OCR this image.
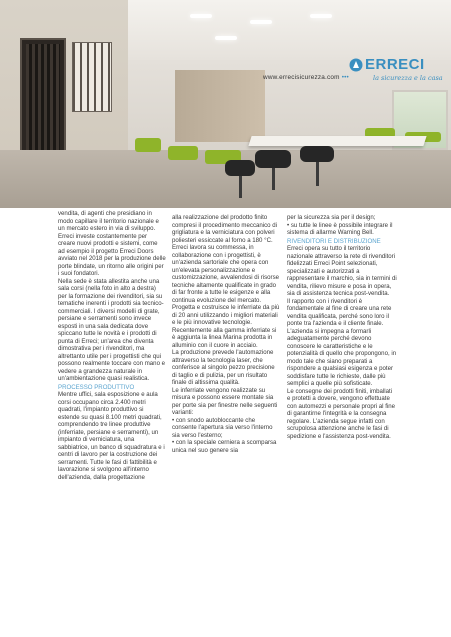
ERRECI
la sicurezza e la casa
www.errecisicurezza.com •••

vendita, di agenti che presidiano in modo capillare il territorio nazionale e un mercato estero in via di sviluppo. Erreci investe costantemente per creare nuovi prodotti e sistemi, come ad esempio il progetto Erreci Doors avviato nel 2018 per la produzione delle porte blindate, un ritorno alle origini per i suoi fondatori.

Nella sede è stata allestita anche una sala corsi (nella foto in alto a destra) per la formazione dei rivenditori, sia su tematiche inerenti i prodotti sia tecnico-commerciali. I diversi modelli di grate, persiane e serramenti sono invece esposti in una sala dedicata dove spiccano tutte le novità e i prodotti di punta di Erreci; un'area che diventa dimostrativa per i rivenditori, ma altrettanto utile per i progettisti che qui possono realmente toccare con mano e vedere a grandezza naturale in un'ambientazione quasi realistica.

PROCESSO PRODUTTIVO

Mentre uffici, sala esposizione e aula corsi occupano circa 2.400 metri quadrati, l'impianto produttivo si estende su quasi 8.100 metri quadrati, comprendendo tre linee produttive (inferriate, persiane e serramenti), un impianto di verniciatura, una sabbiatrice, un banco di squadratura e i centri di lavoro per la costruzione dei serramenti. Tutte le fasi di fattibilità e lavorazione si svolgono all'interno dell'azienda, dalla progettazione

alla realizzazione del prodotto finito compresi il procedimento meccanico di grigliatura e la verniciatura con polveri poliesteri essiccate al forno a 180 °C.

Erreci lavora su commessa, in collaborazione con i progettisti, è un'azienda sartoriale che opera con un'elevata personalizzazione e customizzazione, avvalendosi di risorse tecniche altamente qualificate in grado di far fronte a tutte le esigenze e alla continua evoluzione del mercato. Progetta e costruisce le inferriate da più di 20 anni utilizzando i migliori materiali e le più innovative tecnologie. Recentemente alla gamma inferriate si è aggiunta la linea Marina prodotta in alluminio con il cuore in acciaio.

La produzione prevede l'automazione attraverso la tecnologia laser, che conferisce al singolo pezzo precisione di taglio e di pulizia, per un risultato finale di altissima qualità.

Le inferriate vengono realizzate su misura e possono essere montate sia per porte sia per finestre nelle seguenti varianti:

• con snodo autobloccante che consente l'apertura sia verso l'interno sia verso l'esterno;

• con la speciale cerniera a scomparsa unica nel suo genere sia

per la sicurezza sia per il design;

• su tutte le linee è possibile integrare il sistema di allarme Warning Bell.

RIVENDITORI E DISTRIBUZIONE

Erreci opera su tutto il territorio nazionale attraverso la rete di rivenditori fidelizzati Erreci Point selezionati, specializzati e autorizzati a rappresentare il marchio, sia in termini di vendita, rilievo misure e posa in opera, sia di assistenza tecnica post-vendita.

Il rapporto con i rivenditori è fondamentale al fine di creare una rete vendita qualificata, perché sono loro il ponte tra l'azienda e il cliente finale. L'azienda si impegna a formarli adeguatamente perché devono conoscere le caratteristiche e le potenzialità di quello che propongono, in modo tale che siano preparati a rispondere a qualsiasi esigenza e poter soddisfare tutte le richieste, dalle più semplici a quelle più sofisticate.

Le consegne dei prodotti finiti, imballati e protetti a dovere, vengono effettuate con automezzi e personale propri al fine di garantirne l'integrità e la consegna regolare. L'azienda segue infatti con scrupolosa attenzione anche le fasi di spedizione e l'assistenza post-vendita.
